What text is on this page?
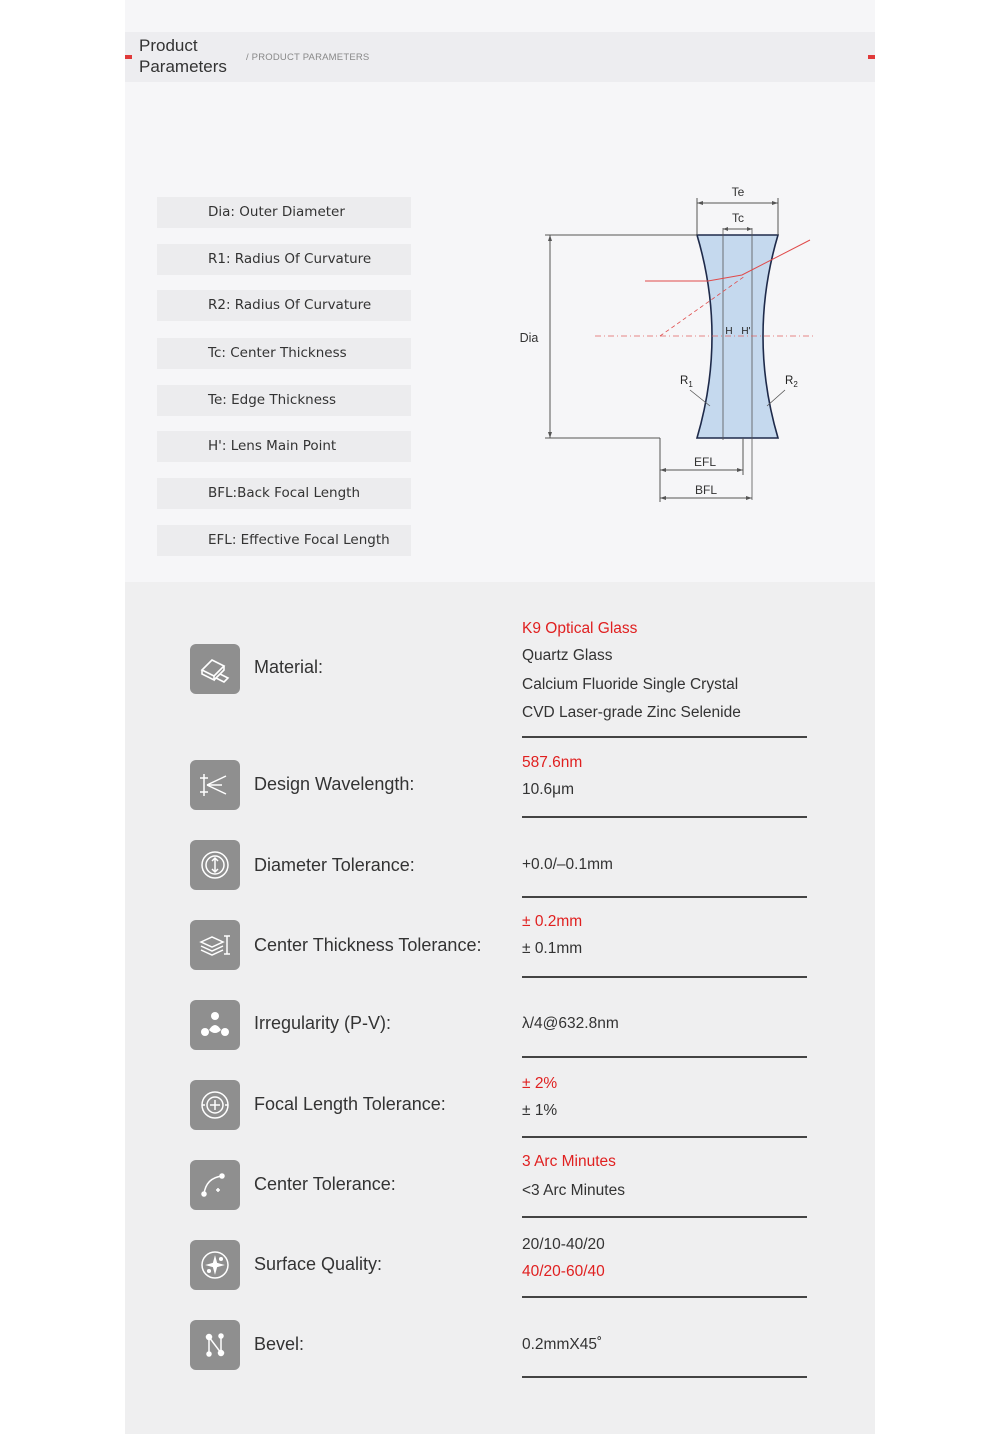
Product Parameters	/ PRODUCT PARAMETERS
Dia: Outer Diameter
R1: Radius Of Curvature
R2: Radius Of Curvature
Tc: Center Thickness
Te: Edge Thickness
H': Lens Main Point
BFL:Back Focal Length
EFL: Effective Focal Length
Te
Tc
Dia	H H'
$R_1$	$R_2$
EFL
BFL
Material:
K9 Optical Glass
Quartz Glass
Calcium Fluoride Single Crystal
CVD Laser-grade Zinc Selenide
Design Wavelength:
587.6nm
10.6μm
Diameter Tolerance:	+0.0/–0.1mm
Center Thickness Tolerance:
± 0.2mm
± 0.1mm
Irregularity (P-V):	λ/4@632.8nm
Focal Length Tolerance:
± 2%
± 1%
Center Tolerance:
3 Arc Minutes
<3 Arc Minutes
Surface Quality:
20/10-40/20
40/20-60/40
Bevel:	0.2mmX45˚
